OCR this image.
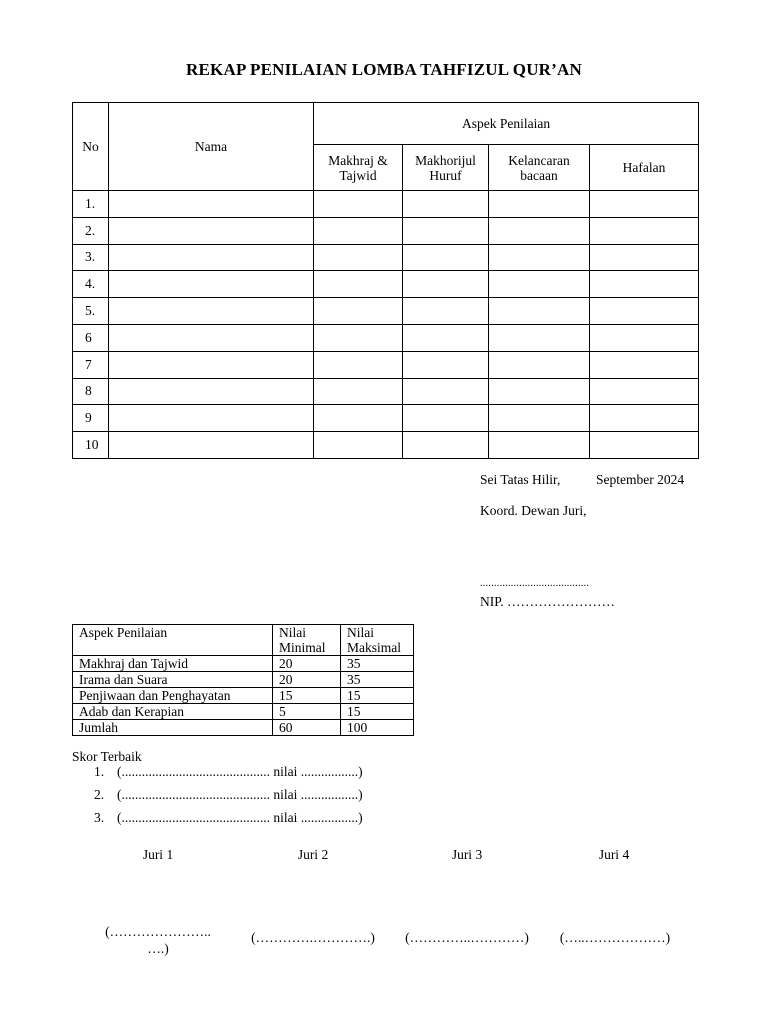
REKAP PENILAIAN LOMBA TAHFIZUL QUR’AN
No	Nama	Aspek Penilaian			

		Makhraj & Tajwid	Makhorijul Huruf	Kelancaran bacaan	Hafalan
1.					
2.					
3.					
4.					
5.					
6					
7					
8					
9					
10					
Sei Tatas Hilir,	September 2024
Koord. Dewan Juri,
.......................................
NIP. ……………………
Aspek Penilaian	Nilai Minimal	Nilai Maksimal

Makhraj dan Tajwid	20	35
Irama dan Suara	20	35
Penjiwaan dan Penghayatan	15	15
Adab dan Kerapian	5	15
Jumlah	60	100
Skor Terbaik
1. (............................................ nilai .................)
2. (............................................ nilai .................)
3. (............................................ nilai .................)
Juri 1	Juri 2	Juri 3	Juri 4
(………………….. ….)
(………….………….)	(…………..…………)	(…..………………)
